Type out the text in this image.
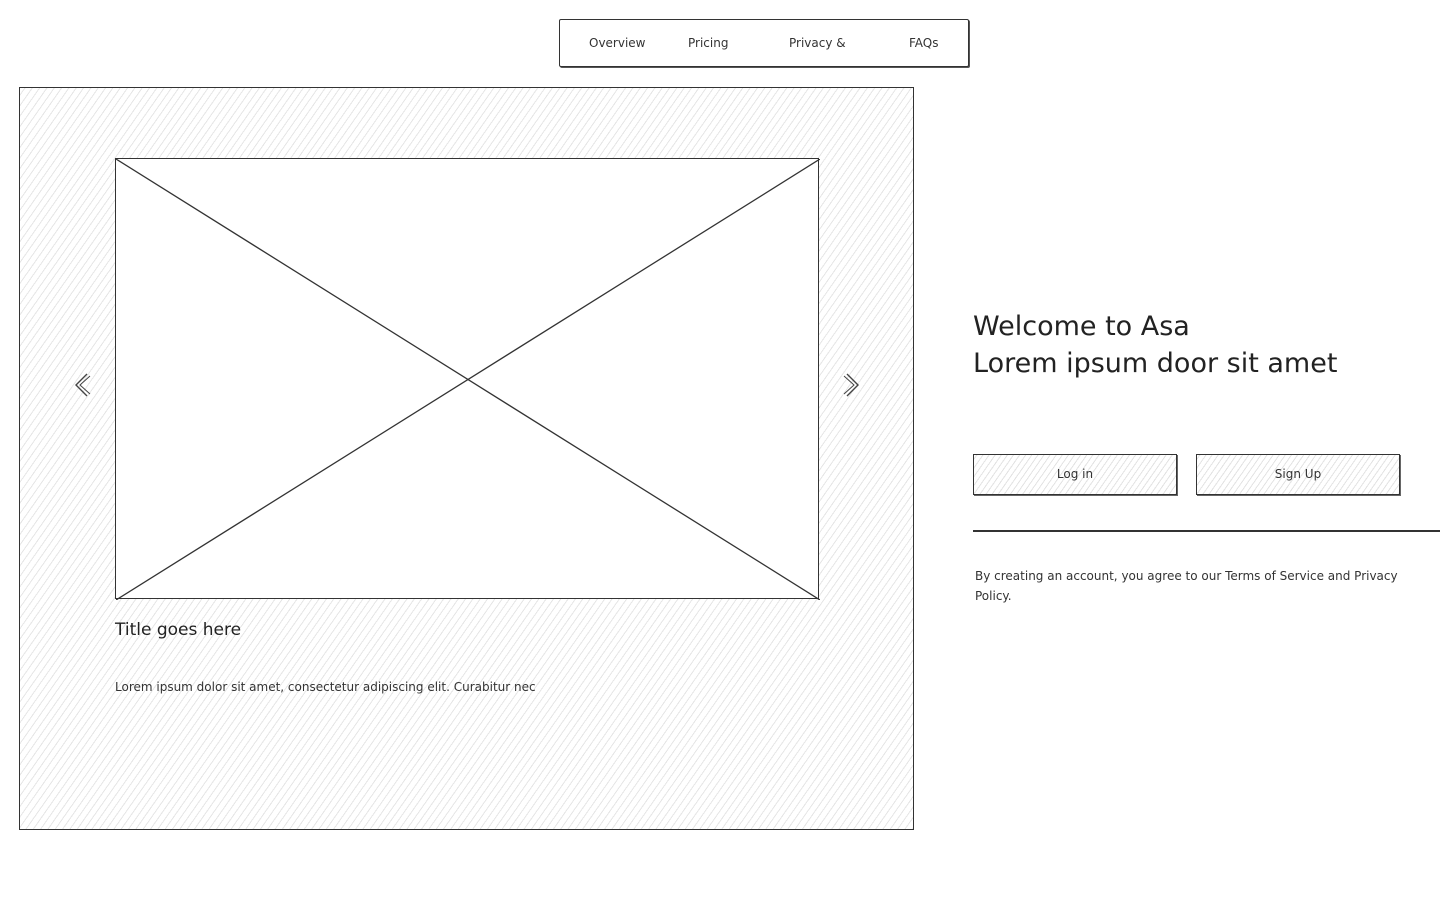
Overview	Pricing	Privacy &	FAQs
Title goes here
Lorem ipsum dolor sit amet, consectetur adipiscing elit. Curabitur nec
Welcome to Asa
Lorem ipsum door sit amet
Log in	Sign Up
By creating an account, you agree to our Terms of Service and Privacy Policy.
